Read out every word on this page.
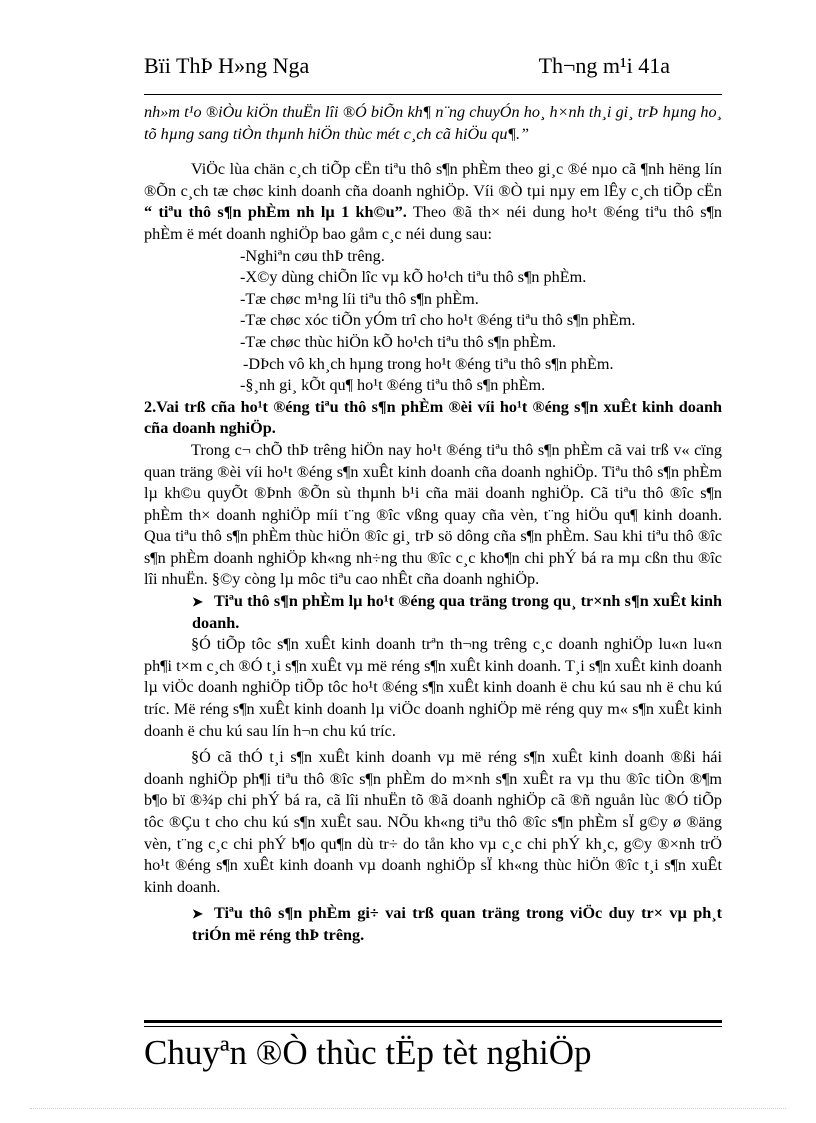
Bïi ThÞ H»ng Nga	Th¬ng m¹i 41a

nh»m t¹o ®iÒu kiÖn thuËn lîi ®Ó biÕn kh¶ n¨ng chuyÓn ho¸ h×nh th¸i gi¸ trÞ hµng ho¸ tõ hµng sang tiÒn thµnh hiÖn thùc mét c¸ch cã hiÖu qu¶.”

ViÖc lùa chän c¸ch tiÕp cËn tiªu thô s¶n phÈm theo gi¸c ®é nµo cã ¶nh hëng lín ®Õn c¸ch tæ chøc kinh doanh cña doanh nghiÖp. Víi ®Ò tµi nµy em lÊy c¸ch tiÕp cËn “ tiªu thô s¶n phÈm nh lµ 1 kh©u”. Theo ®ã th× néi dung ho¹t ®éng tiªu thô s¶n phÈm ë mét doanh nghiÖp bao gåm c¸c néi dung sau:

-Nghiªn cøu thÞ trêng.
-X©y dùng chiÕn lîc vµ kÕ ho¹ch tiªu thô s¶n phÈm.
-Tæ chøc m¹ng líi tiªu thô s¶n phÈm.
-Tæ chøc xóc tiÕn yÓm trî cho ho¹t ®éng tiªu thô s¶n phÈm.
-Tæ chøc thùc hiÖn kÕ ho¹ch tiªu thô s¶n phÈm.
-DÞch vô kh¸ch hµng trong ho¹t ®éng tiªu thô s¶n phÈm.
-§¸nh gi¸ kÕt qu¶ ho¹t ®éng tiªu thô s¶n phÈm.

2.Vai trß cña ho¹t ®éng tiªu thô s¶n phÈm ®èi víi ho¹t ®éng s¶n xuÊt kinh doanh cña doanh nghiÖp.

Trong c¬ chÕ thÞ trêng hiÖn nay ho¹t ®éng tiªu thô s¶n phÈm cã vai trß v« cïng quan träng ®èi víi ho¹t ®éng s¶n xuÊt kinh doanh cña doanh nghiÖp. Tiªu thô s¶n phÈm lµ kh©u quyÕt ®Þnh ®Õn sù thµnh b¹i cña mäi doanh nghiÖp. Cã tiªu thô ®îc s¶n phÈm th× doanh nghiÖp míi t¨ng ®îc vßng quay cña vèn, t¨ng hiÖu qu¶ kinh doanh. Qua tiªu thô s¶n phÈm thùc hiÖn ®îc gi¸ trÞ sö dông cña s¶n phÈm. Sau khi tiªu thô ®îc s¶n phÈm doanh nghiÖp kh«ng nh÷ng thu ®îc c¸c kho¶n chi phÝ bá ra mµ cßn thu ®îc lîi nhuËn. §©y còng lµ môc tiªu cao nhÊt cña doanh nghiÖp.

➤ Tiªu thô s¶n phÈm lµ ho¹t ®éng qua träng trong qu¸ tr×nh s¶n xuÊt kinh doanh.

§Ó tiÕp tôc s¶n xuÊt kinh doanh trªn th¬ng trêng c¸c doanh nghiÖp lu«n lu«n ph¶i t×m c¸ch ®Ó t¸i s¶n xuÊt vµ më réng s¶n xuÊt kinh doanh. T¸i s¶n xuÊt kinh doanh lµ viÖc doanh nghiÖp tiÕp tôc ho¹t ®éng s¶n xuÊt kinh doanh ë chu kú sau nh ë chu kú tríc. Më réng s¶n xuÊt kinh doanh lµ viÖc doanh nghiÖp më réng quy m« s¶n xuÊt kinh doanh ë chu kú sau lín h¬n chu kú tríc.

§Ó cã thÓ t¸i s¶n xuÊt kinh doanh vµ më réng s¶n xuÊt kinh doanh ®ßi hái doanh nghiÖp ph¶i tiªu thô ®îc s¶n phÈm do m×nh s¶n xuÊt ra vµ thu ®îc tiÒn ®¶m b¶o bï ®¾p chi phÝ bá ra, cã lîi nhuËn tõ ®ã doanh nghiÖp cã ®ñ nguån lùc ®Ó tiÕp tôc ®Çu t cho chu kú s¶n xuÊt sau. NÕu kh«ng tiªu thô ®îc s¶n phÈm sÏ g©y ø ®äng vèn, t¨ng c¸c chi phÝ b¶o qu¶n dù tr÷ do tån kho vµ c¸c chi phÝ kh¸c, g©y ®×nh trÖ ho¹t ®éng s¶n xuÊt kinh doanh vµ doanh nghiÖp sÏ kh«ng thùc hiÖn ®îc t¸i s¶n xuÊt kinh doanh.

➤ Tiªu thô s¶n phÈm gi÷ vai trß quan träng trong viÖc duy tr× vµ ph¸t triÓn më réng thÞ trêng.

Chuyªn ®Ò thùc tËp tèt nghiÖp
